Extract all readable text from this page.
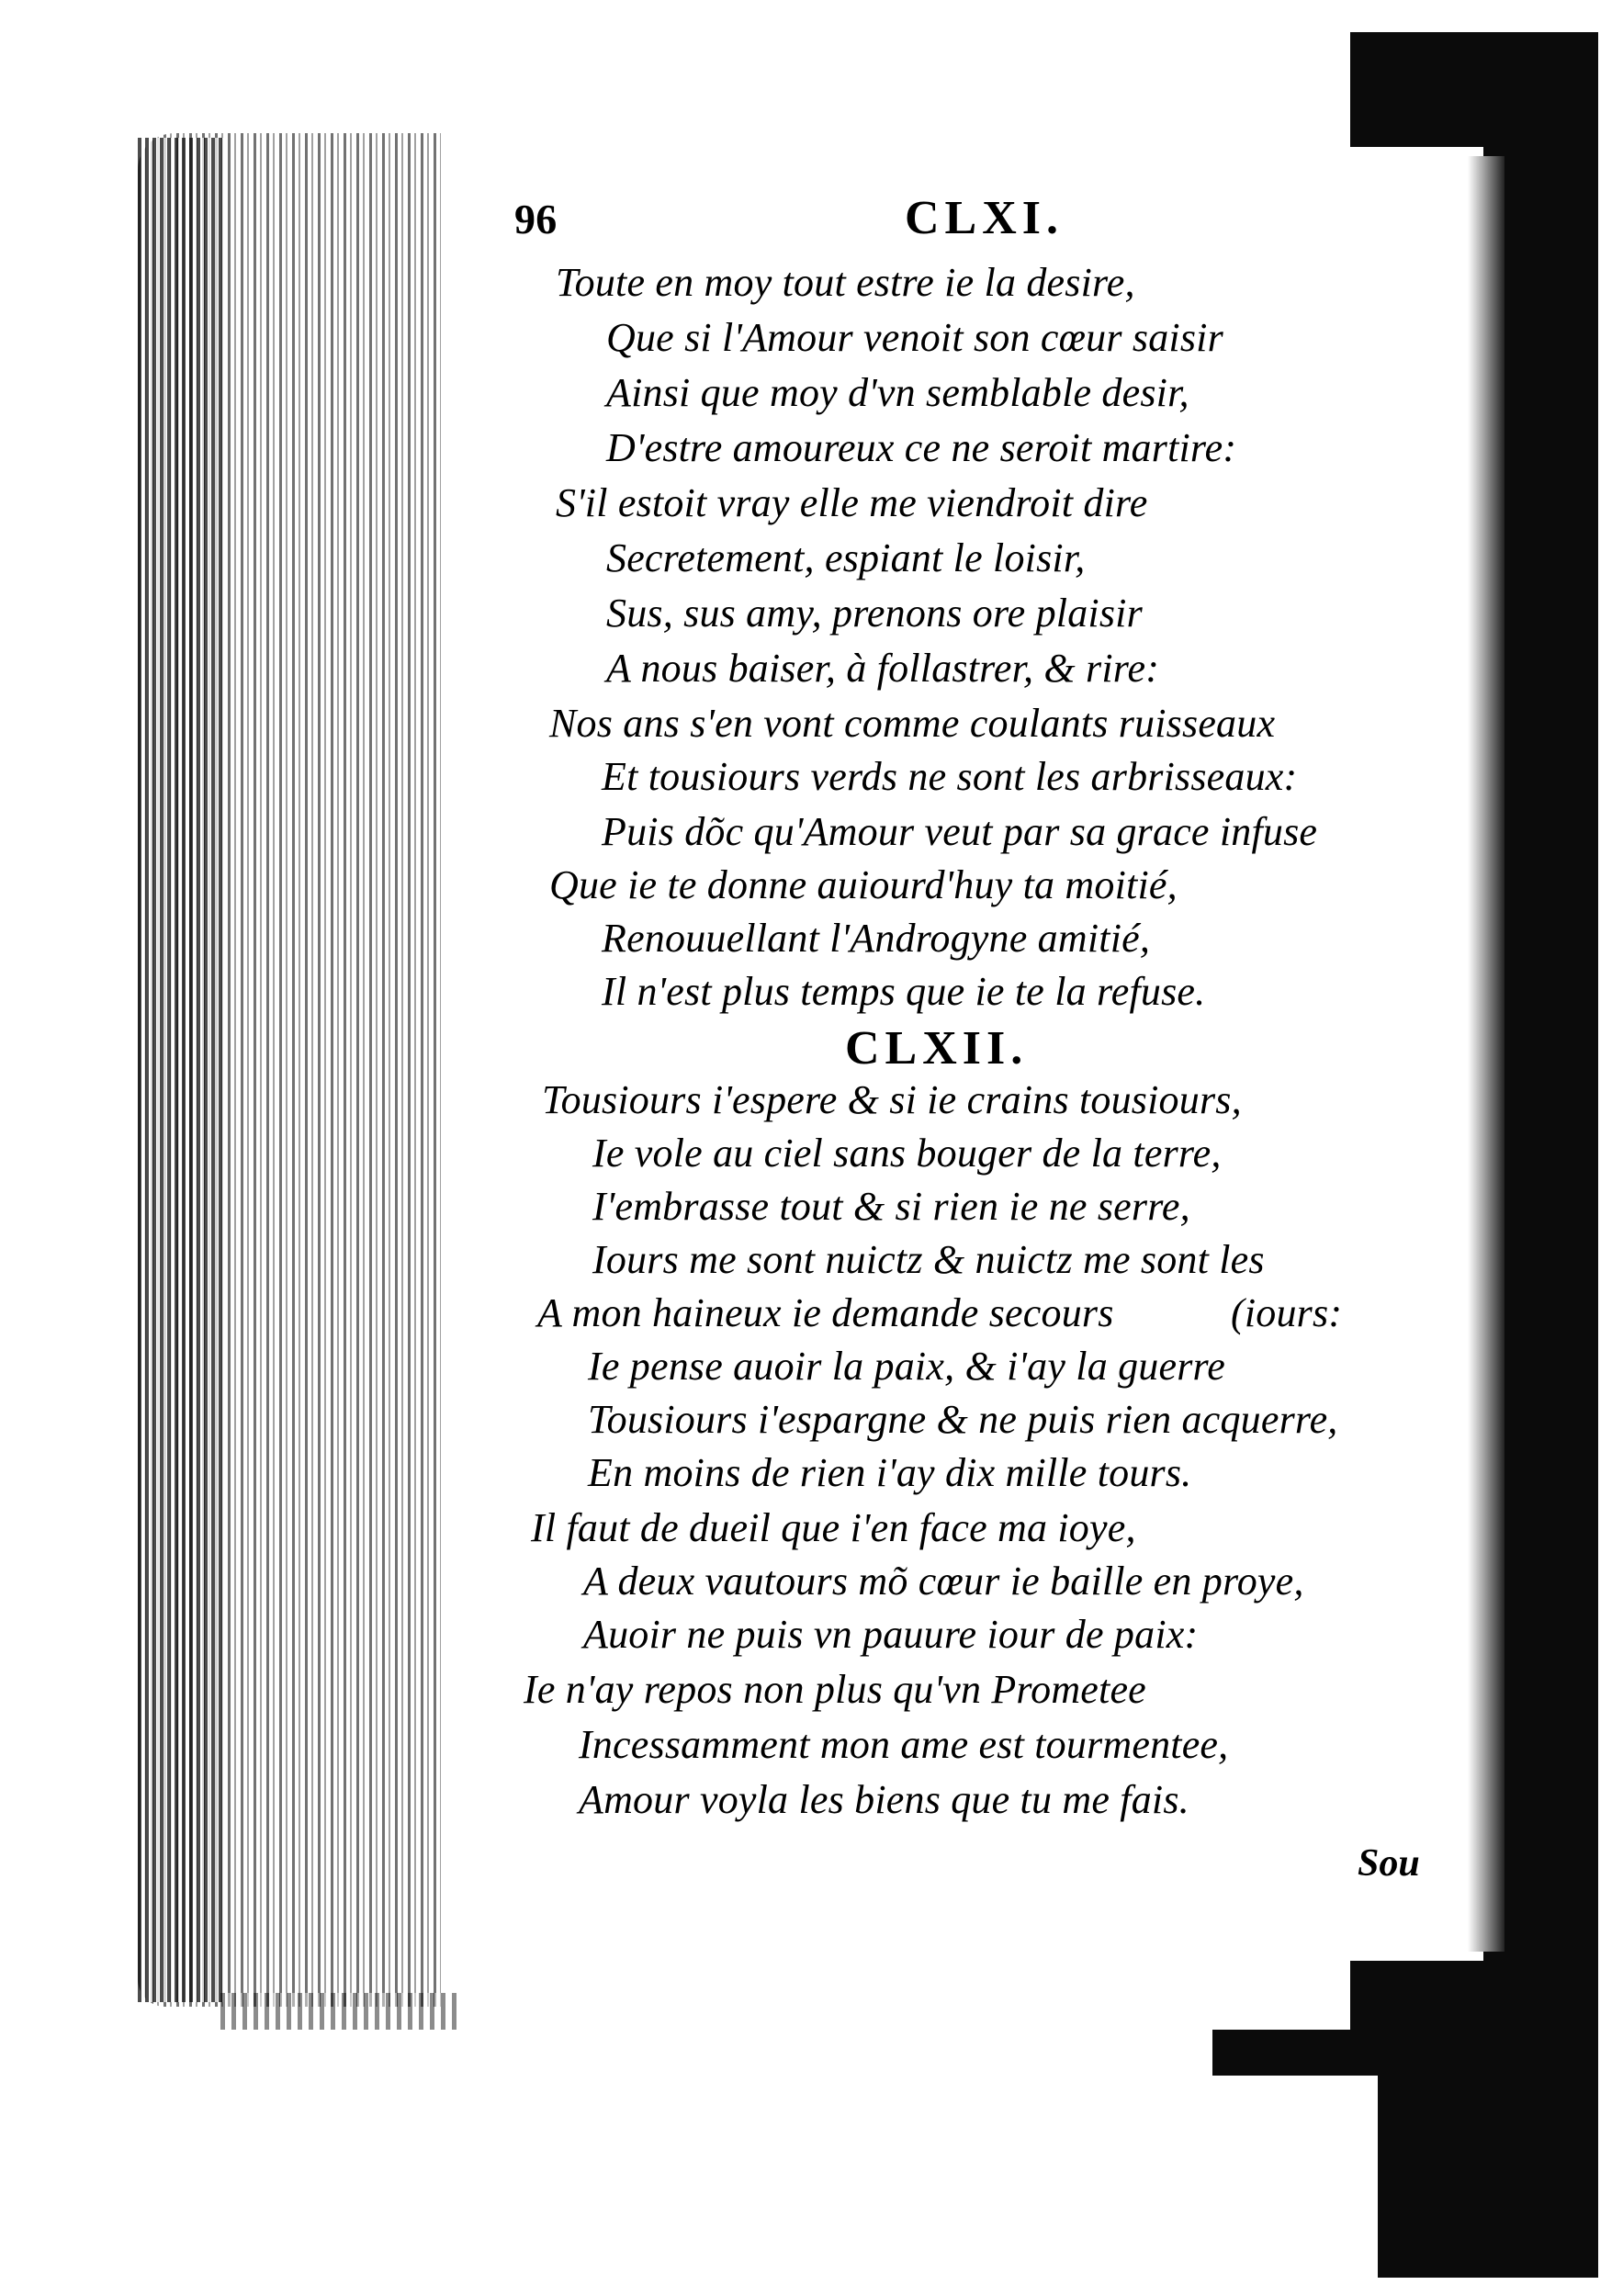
96	CLXI.
Toute en moy tout estre ie la desire,
Que si l'Amour venoit son cœur saisir
Ainsi que moy d'vn semblable desir,
D'estre amoureux ce ne seroit martire:
S'il estoit vray elle me viendroit dire
Secretement, espiant le loisir,
Sus, sus amy, prenons ore plaisir
A nous baiser, à follastrer, & rire:
Nos ans s'en vont comme coulants ruisseaux
Et tousiours verds ne sont les arbrisseaux:
Puis dõc qu'Amour veut par sa grace infuse
Que ie te donne auiourd'huy ta moitié,
Renouuellant l'Androgyne amitié,
Il n'est plus temps que ie te la refuse.
CLXII.
Tousiours i'espere & si ie crains tousiours,
Ie vole au ciel sans bouger de la terre,
I'embrasse tout & si rien ie ne serre,
Iours me sont nuictz & nuictz me sont les
A mon haineux ie demande secours	(iours:
Ie pense auoir la paix, & i'ay la guerre
Tousiours i'espargne & ne puis rien acquerre,
En moins de rien i'ay dix mille tours.
Il faut de dueil que i'en face ma ioye,
A deux vautours mõ cœur ie baille en proye,
Auoir ne puis vn pauure iour de paix:
Ie n'ay repos non plus qu'vn Prometee
Incessamment mon ame est tourmentee,
Amour voyla les biens que tu me fais.
Sou
